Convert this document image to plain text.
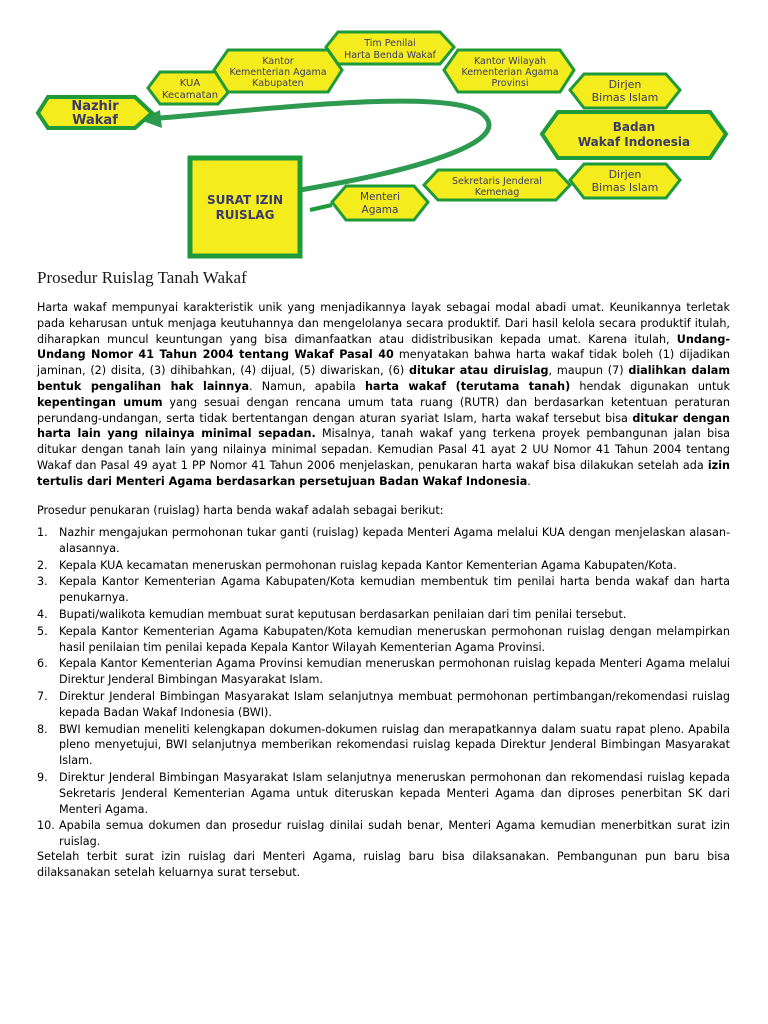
Nazhir
Wakaf
KUA
Kecamatan
Kantor
Kementerian Agama
Kabupaten
Tim Penilai
Harta Benda Wakaf
Kantor Wilayah
Kementerian Agama
Provinsi	Dirjen
Bimas Islam
Badan
Wakaf Indonesia
Dirjen
Bimas Islam
Sekretaris Jenderal
Kemenag
Menteri
Agama
SURAT IZIN
RUISLAG
Prosedur Ruislag Tanah Wakaf
Harta wakaf mempunyai karakteristik unik yang menjadikannya layak sebagai modal abadi umat. Keunikannya terletak pada keharusan untuk menjaga keutuhannya dan mengelolanya secara produktif. Dari hasil kelola secara produktif itulah, diharapkan muncul keuntungan yang bisa dimanfaatkan atau didistribusikan kepada umat. Karena itulah, Undang-Undang Nomor 41 Tahun 2004 tentang Wakaf Pasal 40 menyatakan bahwa harta wakaf tidak boleh (1) dijadikan jaminan, (2) disita, (3) dihibahkan, (4) dijual, (5) diwariskan, (6) ditukar atau diruislag, maupun (7) dialihkan dalam bentuk pengalihan hak lainnya. Namun, apabila harta wakaf (terutama tanah) hendak digunakan untuk kepentingan umum yang sesuai dengan rencana umum tata ruang (RUTR) dan berdasarkan ketentuan peraturan perundang-undangan, serta tidak bertentangan dengan aturan syariat Islam, harta wakaf tersebut bisa ditukar dengan harta lain yang nilainya minimal sepadan. Misalnya, tanah wakaf yang terkena proyek pembangunan jalan bisa ditukar dengan tanah lain yang nilainya minimal sepadan. Kemudian Pasal 41 ayat 2 UU Nomor 41 Tahun 2004 tentang Wakaf dan Pasal 49 ayat 1 PP Nomor 41 Tahun 2006 menjelaskan, penukaran harta wakaf bisa dilakukan setelah ada izin tertulis dari Menteri Agama berdasarkan persetujuan Badan Wakaf Indonesia.
Prosedur penukaran (ruislag) harta benda wakaf adalah sebagai berikut:
1. Nazhir mengajukan permohonan tukar ganti (ruislag) kepada Menteri Agama melalui KUA dengan menjelaskan alasan-alasannya.
2. Kepala KUA kecamatan meneruskan permohonan ruislag kepada Kantor Kementerian Agama Kabupaten/Kota.
3. Kepala Kantor Kementerian Agama Kabupaten/Kota kemudian membentuk tim penilai harta benda wakaf dan harta penukarnya.
4. Bupati/walikota kemudian membuat surat keputusan berdasarkan penilaian dari tim penilai tersebut.
5. Kepala Kantor Kementerian Agama Kabupaten/Kota kemudian meneruskan permohonan ruislag dengan melampirkan hasil penilaian tim penilai kepada Kepala Kantor Wilayah Kementerian Agama Provinsi.
6. Kepala Kantor Kementerian Agama Provinsi kemudian meneruskan permohonan ruislag kepada Menteri Agama melalui Direktur Jenderal Bimbingan Masyarakat Islam.
7. Direktur Jenderal Bimbingan Masyarakat Islam selanjutnya membuat permohonan pertimbangan/rekomendasi ruislag kepada Badan Wakaf Indonesia (BWI).
8. BWI kemudian meneliti kelengkapan dokumen-dokumen ruislag dan merapatkannya dalam suatu rapat pleno. Apabila pleno menyetujui, BWI selanjutnya memberikan rekomendasi ruislag kepada Direktur Jenderal Bimbingan Masyarakat Islam.
9. Direktur Jenderal Bimbingan Masyarakat Islam selanjutnya meneruskan permohonan dan rekomendasi ruislag kepada Sekretaris Jenderal Kementerian Agama untuk diteruskan kepada Menteri Agama dan diproses penerbitan SK dari Menteri Agama.
10. Apabila semua dokumen dan prosedur ruislag dinilai sudah benar, Menteri Agama kemudian menerbitkan surat izin ruislag.
Setelah terbit surat izin ruislag dari Menteri Agama, ruislag baru bisa dilaksanakan. Pembangunan pun baru bisa dilaksanakan setelah keluarnya surat tersebut.
